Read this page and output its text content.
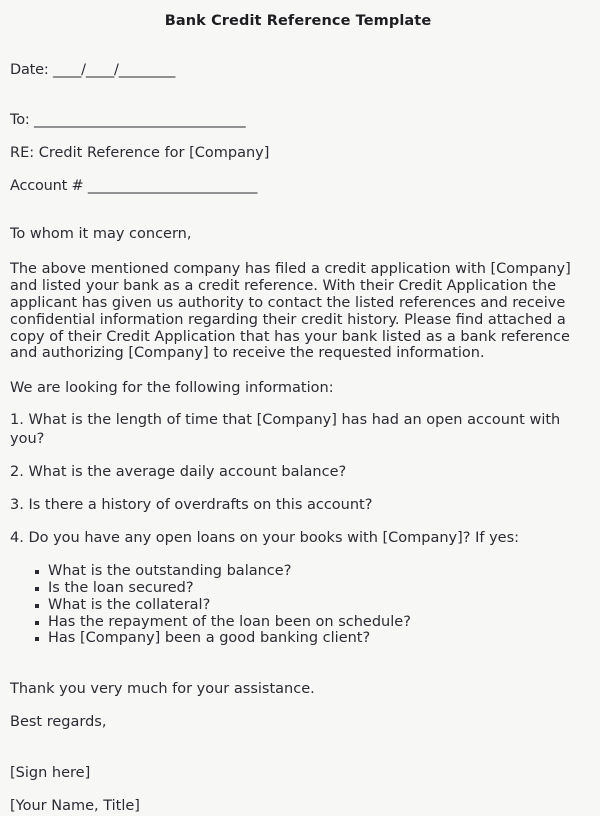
Bank Credit Reference Template
Date: ____/____/________
To: ______________________________
RE: Credit Reference for [Company]
Account # ________________________

To whom it may concern,

The above mentioned company has filed a credit application with [Company] and listed your bank as a credit reference. With their Credit Application the applicant has given us authority to contact the listed references and receive confidential information regarding their credit history. Please find attached a copy of their Credit Application that has your bank listed as a bank reference and authorizing [Company] to receive the requested information.

We are looking for the following information:

1. What is the length of time that [Company] has had an open account with you?

2. What is the average daily account balance?

3. Is there a history of overdrafts on this account?

4. Do you have any open loans on your books with [Company]? If yes:

What is the outstanding balance?
Is the loan secured?
What is the collateral?
Has the repayment of the loan been on schedule?
Has [Company] been a good banking client?

Thank you very much for your assistance.

Best regards,

[Sign here]

[Your Name, Title]
